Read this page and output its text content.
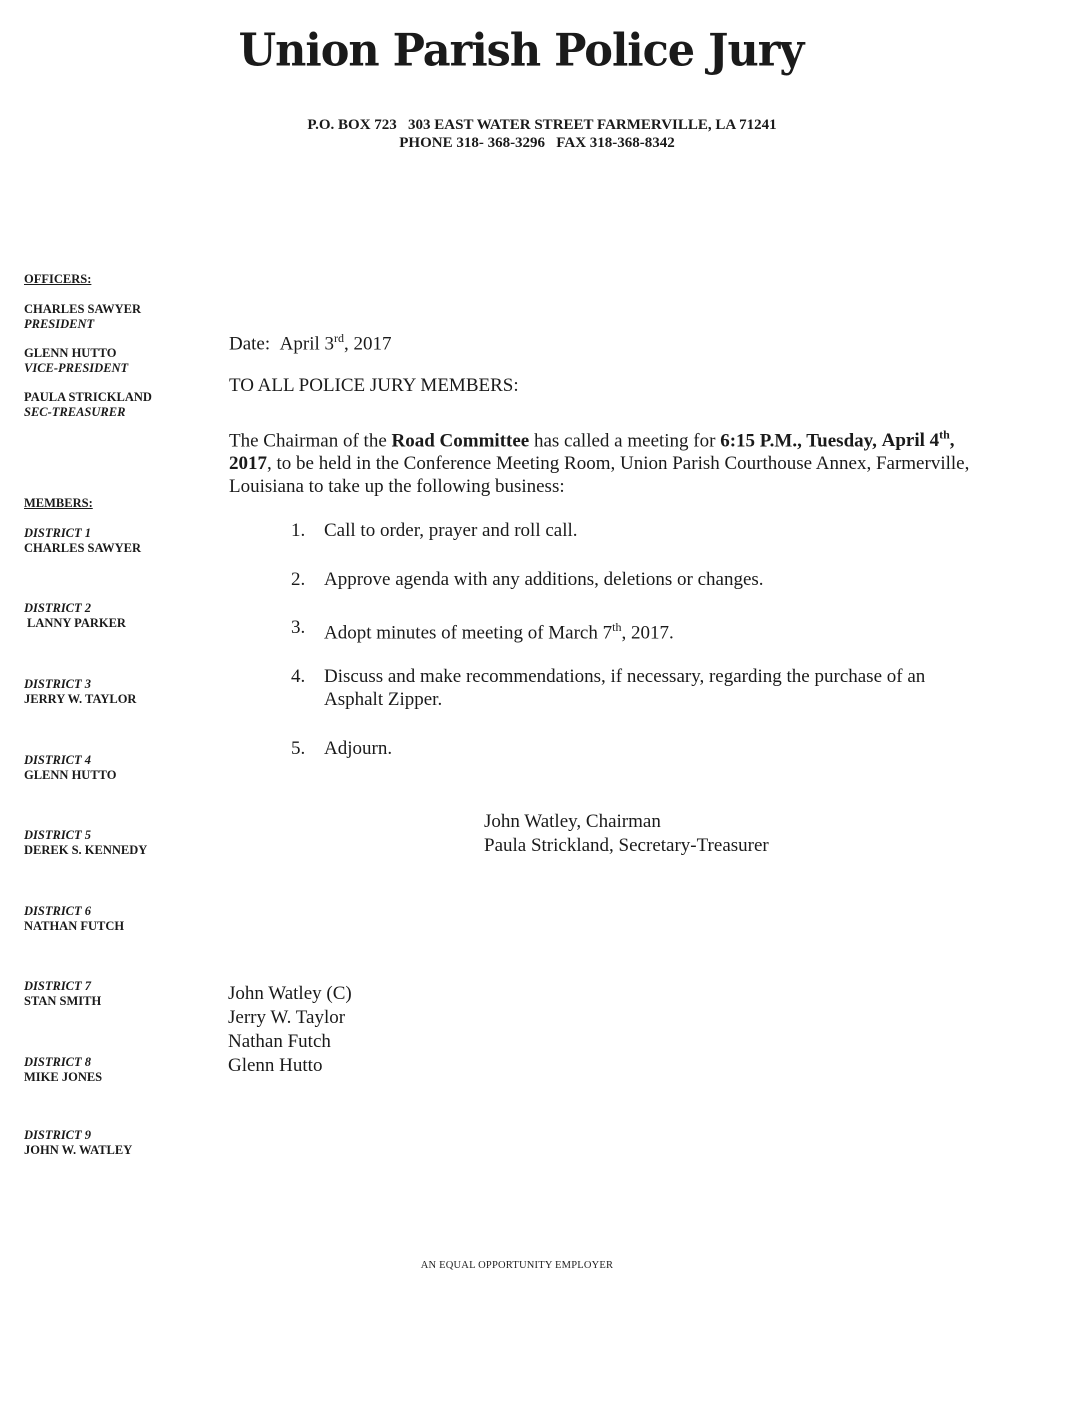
Union Parish Police Jury
P.O. BOX 723   303 EAST WATER STREET FARMERVILLE, LA 71241
PHONE 318- 368-3296   FAX 318-368-8342
OFFICERS:
CHARLES SAWYER
PRESIDENT
GLENN HUTTO
VICE-PRESIDENT
PAULA STRICKLAND
SEC-TREASURER
MEMBERS:
DISTRICT 1
CHARLES SAWYER
DISTRICT 2
LANNY PARKER
DISTRICT 3
JERRY W. TAYLOR
DISTRICT 4
GLENN HUTTO
DISTRICT 5
DEREK S. KENNEDY
DISTRICT 6
NATHAN FUTCH
DISTRICT 7
STAN SMITH
DISTRICT 8
MIKE JONES
DISTRICT 9
JOHN W. WATLEY
Date: April 3rd, 2017
TO ALL POLICE JURY MEMBERS:
The Chairman of the Road Committee has called a meeting for 6:15 P.M., Tuesday, April 4th, 2017, to be held in the Conference Meeting Room, Union Parish Courthouse Annex, Farmerville, Louisiana to take up the following business:
1. Call to order, prayer and roll call.
2. Approve agenda with any additions, deletions or changes.
3. Adopt minutes of meeting of March 7th, 2017.
4. Discuss and make recommendations, if necessary, regarding the purchase of an Asphalt Zipper.
5. Adjourn.
John Watley, Chairman
Paula Strickland, Secretary-Treasurer
John Watley (C)
Jerry W. Taylor
Nathan Futch
Glenn Hutto
AN EQUAL OPPORTUNITY EMPLOYER
